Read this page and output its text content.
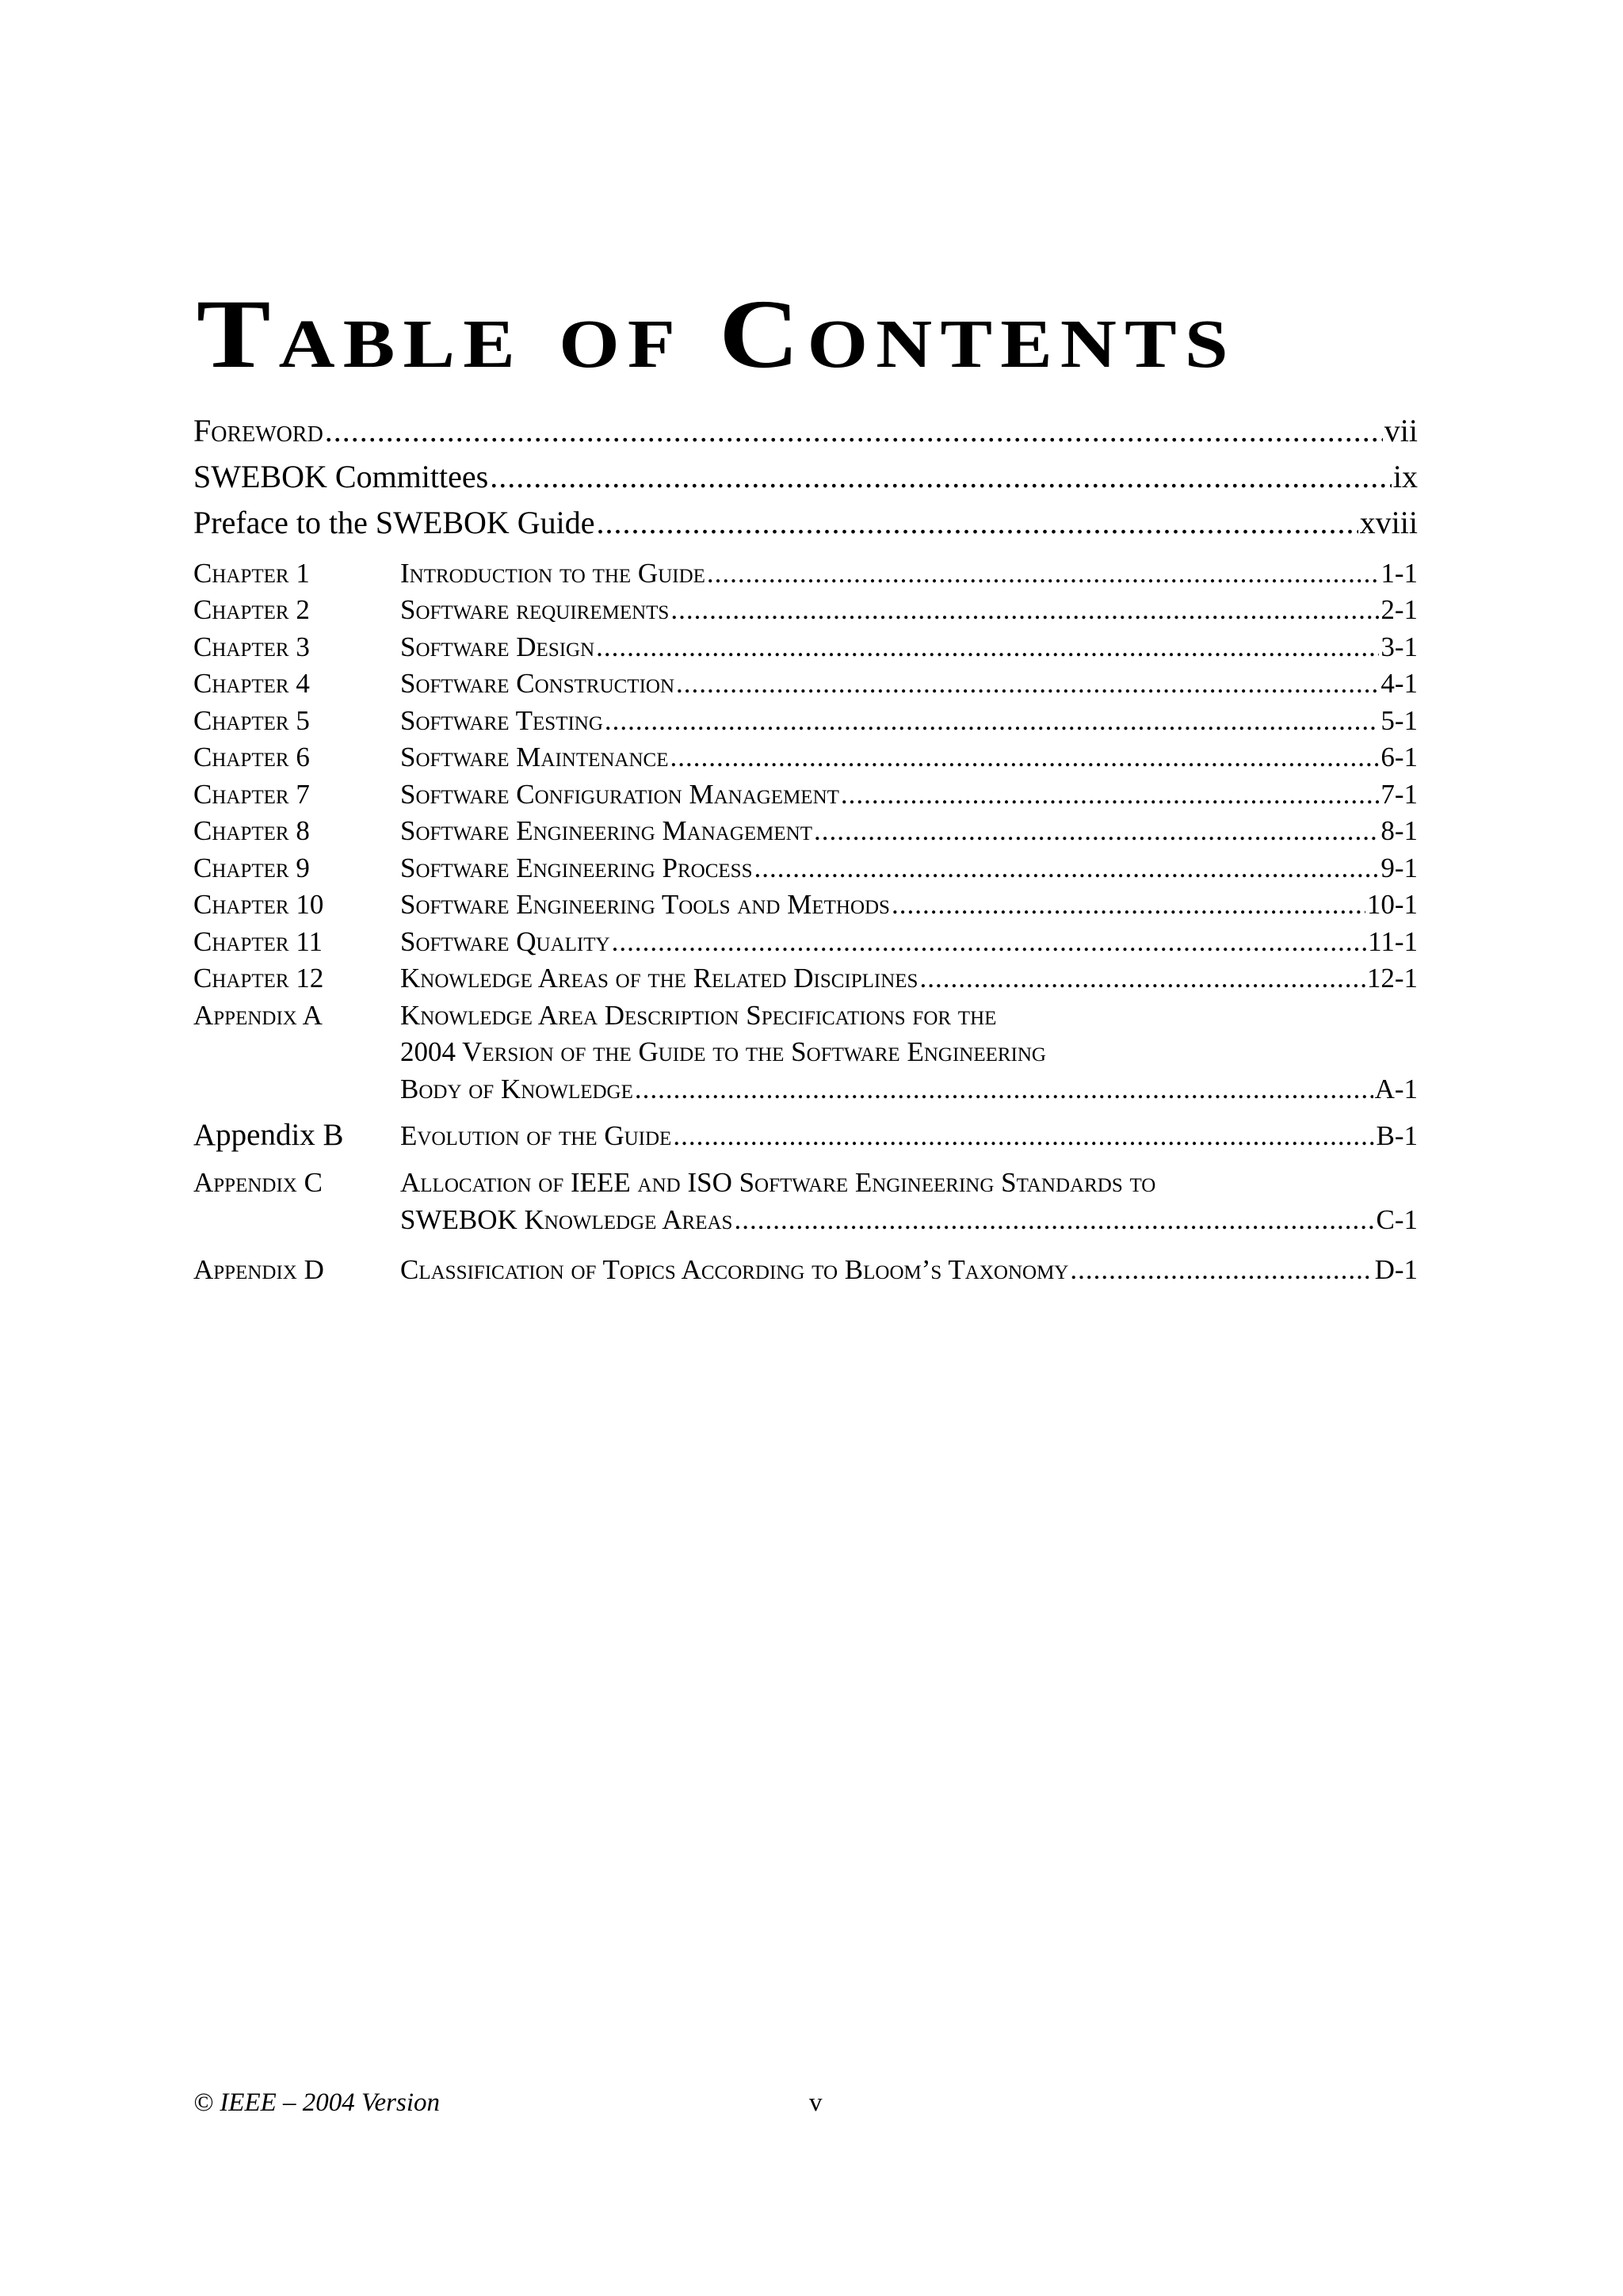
Table of Contents
Foreword .....	vii
SWEBOK Committees .....	ix
Preface to the SWEBOK Guide .....	xviii
Chapter 1	Introduction to the Guide .....	1-1
Chapter 2	Software requirements .....	2-1
Chapter 3	Software Design .....	3-1
Chapter 4	Software Construction .....	4-1
Chapter 5	Software Testing .....	5-1
Chapter 6	Software Maintenance .....	6-1
Chapter 7	Software Configuration Management .....	7-1
Chapter 8	Software Engineering Management .....	8-1
Chapter 9	Software Engineering Process .....	9-1
Chapter 10	Software Engineering Tools and Methods .....	10-1
Chapter 11	Software Quality .....	11-1
Chapter 12	Knowledge Areas of the Related Disciplines .....	12-1
Appendix A	Knowledge Area Description Specifications for the
2004 Version of the Guide to the Software Engineering
Body of Knowledge .....	A-1
Appendix B	Evolution of the Guide .....	B-1
Appendix C	Allocation of IEEE and ISO Software Engineering Standards to
SWEBOK Knowledge Areas .....	C-1
Appendix D	Classification of Topics According to Bloom’s Taxonomy .....	D-1
© IEEE – 2004 Version	v
